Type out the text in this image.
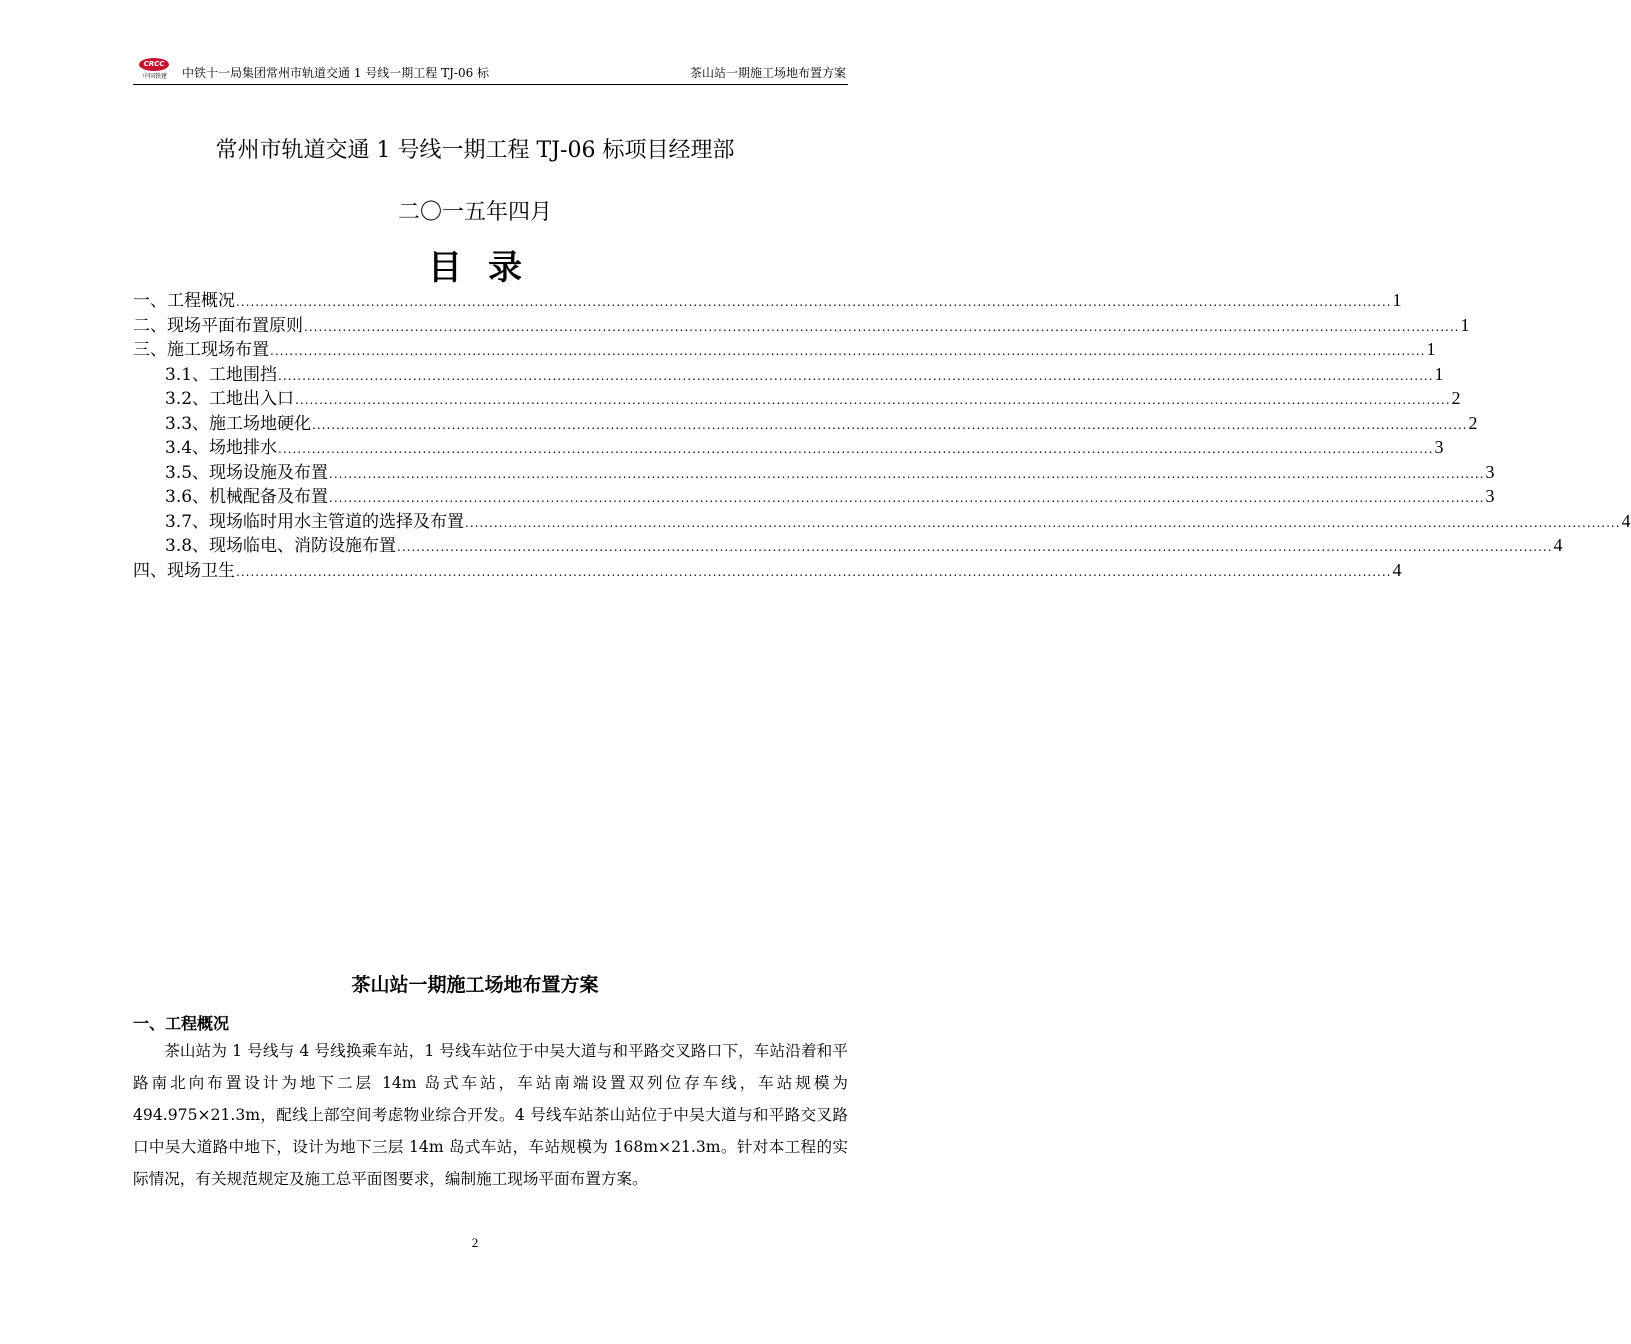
CRCC
中国铁建	中铁十一局集团常州市轨道交通 1 号线一期工程 TJ-06 标	茶山站一期施工场地布置方案
常州市轨道交通 1 号线一期工程 TJ-06 标项目经理部
二〇一五年四月
目录
一、工程概况 ................................................................................................................................................................................................................................................ 1
二、现场平面布置原则 ................................................................................................................................................................................................................................................ 1
三、施工现场布置 ................................................................................................................................................................................................................................................ 1
3.1、工地围挡 ................................................................................................................................................................................................................................................ 1
3.2、工地出入口 ................................................................................................................................................................................................................................................ 2
3.3、施工场地硬化 ................................................................................................................................................................................................................................................ 2
3.4、场地排水 ................................................................................................................................................................................................................................................ 3
3.5、现场设施及布置 ................................................................................................................................................................................................................................................ 3
3.6、机械配备及布置 ................................................................................................................................................................................................................................................ 3
3.7、现场临时用水主管道的选择及布置 ................................................................................................................................................................................................................................................ 4
3.8、现场临电、消防设施布置 ................................................................................................................................................................................................................................................ 4
四、现场卫生 ................................................................................................................................................................................................................................................ 4
茶山站一期施工场地布置方案
一、工程概况
茶山站为 1 号线与 4 号线换乘车站，1 号线车站位于中吴大道与和平路交叉路口下，车站沿着和平路南北向布置设计为地下二层 14m 岛式车站，车站南端设置双列位存车线，车站规模为 494.975×21.3m，配线上部空间考虑物业综合开发。4 号线车站茶山站位于中吴大道与和平路交叉路口中吴大道路中地下，设计为地下三层 14m 岛式车站，车站规模为 168m×21.3m。针对本工程的实际情况，有关规范规定及施工总平面图要求，编制施工现场平面布置方案。
2
